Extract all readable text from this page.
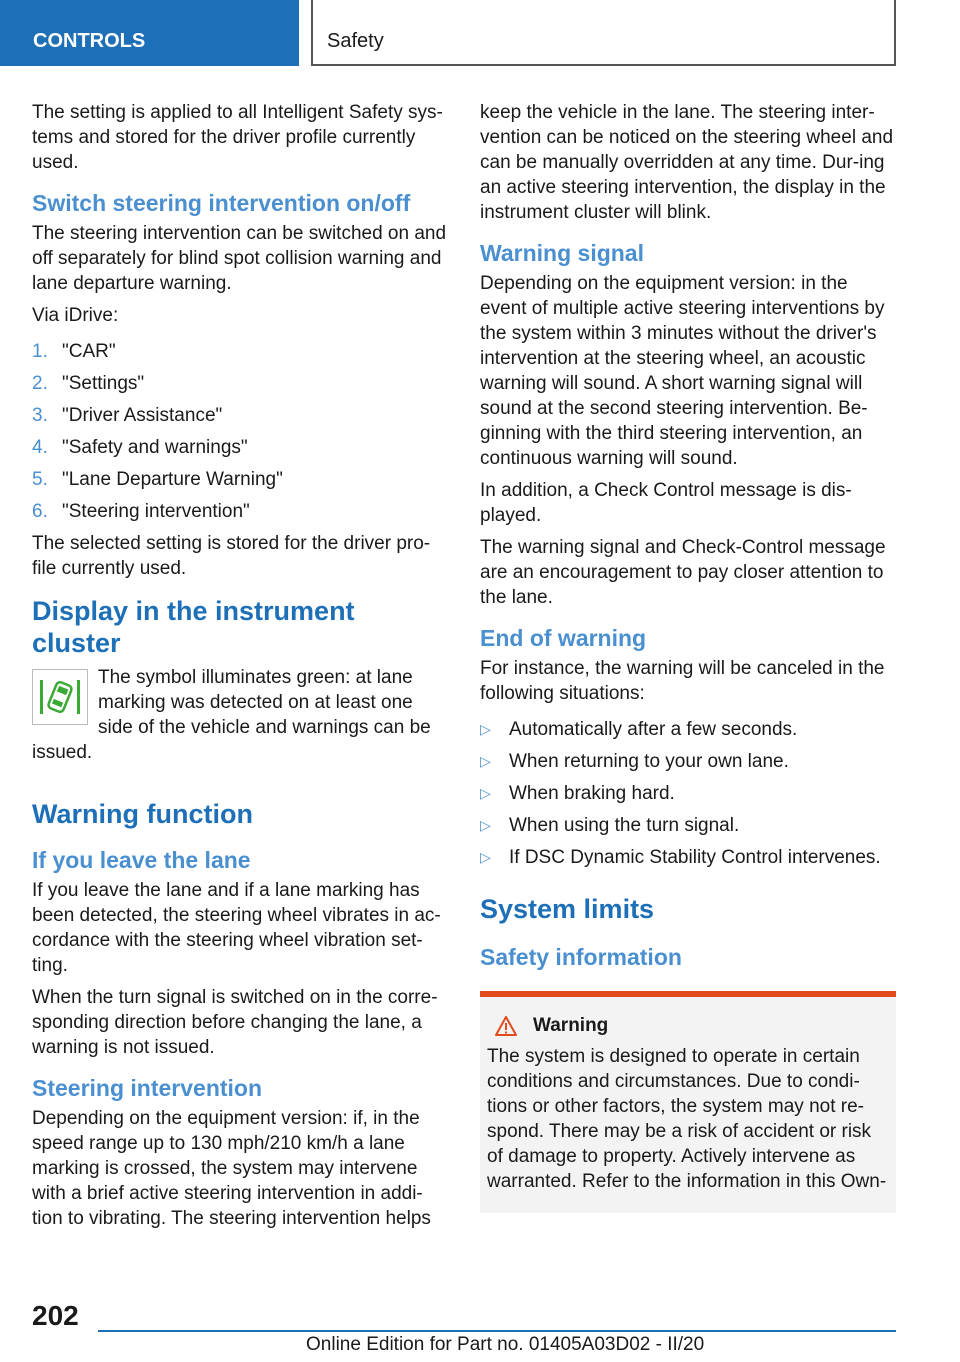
CONTROLS	Safety

The setting is applied to all Intelligent Safety sys-tems and stored for the driver profile currently used.

Switch steering intervention on/off

The steering intervention can be switched on and off separately for blind spot collision warning and lane departure warning.

Via iDrive:

1. "CAR"
2. "Settings"
3. "Driver Assistance"
4. "Safety and warnings"
5. "Lane Departure Warning"
6. "Steering intervention"

The selected setting is stored for the driver pro-file currently used.

Display in the instrument cluster

The symbol illuminates green: at lane marking was detected on at least one side of the vehicle and warnings can be issued.

Warning function
If you leave the lane

If you leave the lane and if a lane marking has been detected, the steering wheel vibrates in ac-cordance with the steering wheel vibration set-ting.

When the turn signal is switched on in the corre-sponding direction before changing the lane, a warning is not issued.

Steering intervention

Depending on the equipment version: if, in the speed range up to 130 mph/210 km/h a lane marking is crossed, the system may intervene with a brief active steering intervention in addi-tion to vibrating. The steering intervention helps

keep the vehicle in the lane. The steering inter-vention can be noticed on the steering wheel and can be manually overridden at any time. Dur-ing an active steering intervention, the display in the instrument cluster will blink.

Warning signal

Depending on the equipment version: in the event of multiple active steering interventions by the system within 3 minutes without the driver's intervention at the steering wheel, an acoustic warning will sound. A short warning signal will sound at the second steering intervention. Be-ginning with the third steering intervention, an continuous warning will sound.

In addition, a Check Control message is dis-played.

The warning signal and Check-Control message are an encouragement to pay closer attention to the lane.

End of warning

For instance, the warning will be canceled in the following situations:

▷ Automatically after a few seconds.
▷ When returning to your own lane.
▷ When braking hard.
▷ When using the turn signal.
▷ If DSC Dynamic Stability Control intervenes.
System limits
Safety information
Warning

The system is designed to operate in certain conditions and circumstances. Due to condi-tions or other factors, the system may not re-spond. There may be a risk of accident or risk of damage to property. Actively intervene as warranted. Refer to the information in this Own-

202
Online Edition for Part no. 01405A03D02 - II/20
